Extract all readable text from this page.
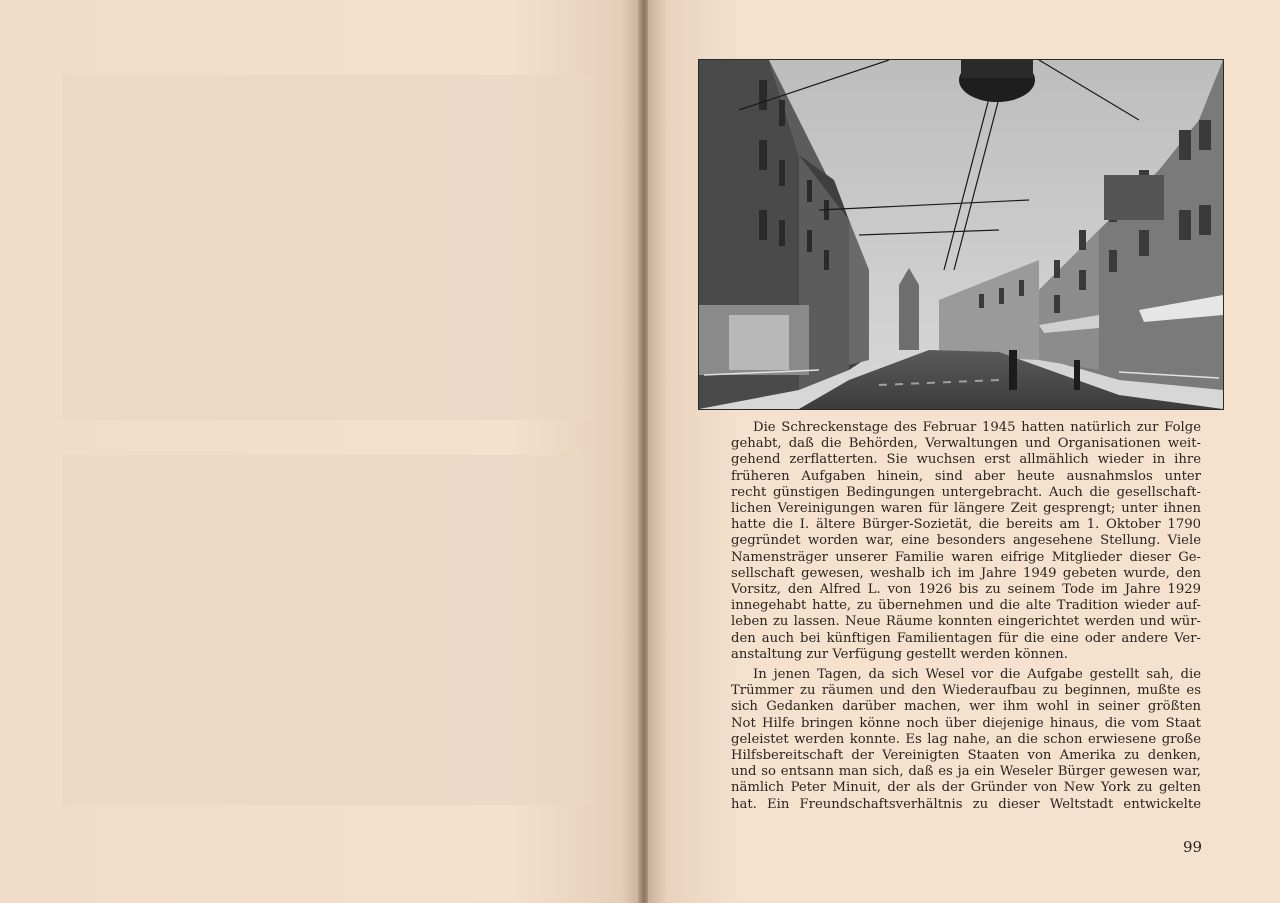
Die Schreckenstage des Februar 1945 hatten natürlich zur Folge

gehabt, daß die Behörden, Verwaltungen und Organisationen weit-

gehend zerflatterten. Sie wuchsen erst allmählich wieder in ihre

früheren Aufgaben hinein, sind aber heute ausnahmslos unter

recht günstigen Bedingungen untergebracht. Auch die gesellschaft-

lichen Vereinigungen waren für längere Zeit gesprengt; unter ihnen

hatte die I. ältere Bürger-Sozietät, die bereits am 1. Oktober 1790

gegründet worden war, eine besonders angesehene Stellung. Viele

Namensträger unserer Familie waren eifrige Mitglieder dieser Ge-

sellschaft gewesen, weshalb ich im Jahre 1949 gebeten wurde, den

Vorsitz, den Alfred L. von 1926 bis zu seinem Tode im Jahre 1929

innegehabt hatte, zu übernehmen und die alte Tradition wieder auf-

leben zu lassen. Neue Räume konnten eingerichtet werden und wür-

den auch bei künftigen Familientagen für die eine oder andere Ver-

anstaltung zur Verfügung gestellt werden können.

In jenen Tagen, da sich Wesel vor die Aufgabe gestellt sah, die

Trümmer zu räumen und den Wiederaufbau zu beginnen, mußte es

sich Gedanken darüber machen, wer ihm wohl in seiner größten

Not Hilfe bringen könne noch über diejenige hinaus, die vom Staat

geleistet werden konnte. Es lag nahe, an die schon erwiesene große

Hilfsbereitschaft der Vereinigten Staaten von Amerika zu denken,

und so entsann man sich, daß es ja ein Weseler Bürger gewesen war,

nämlich Peter Minuit, der als der Gründer von New York zu gelten

hat. Ein Freundschaftsverhältnis zu dieser Weltstadt entwickelte

99
